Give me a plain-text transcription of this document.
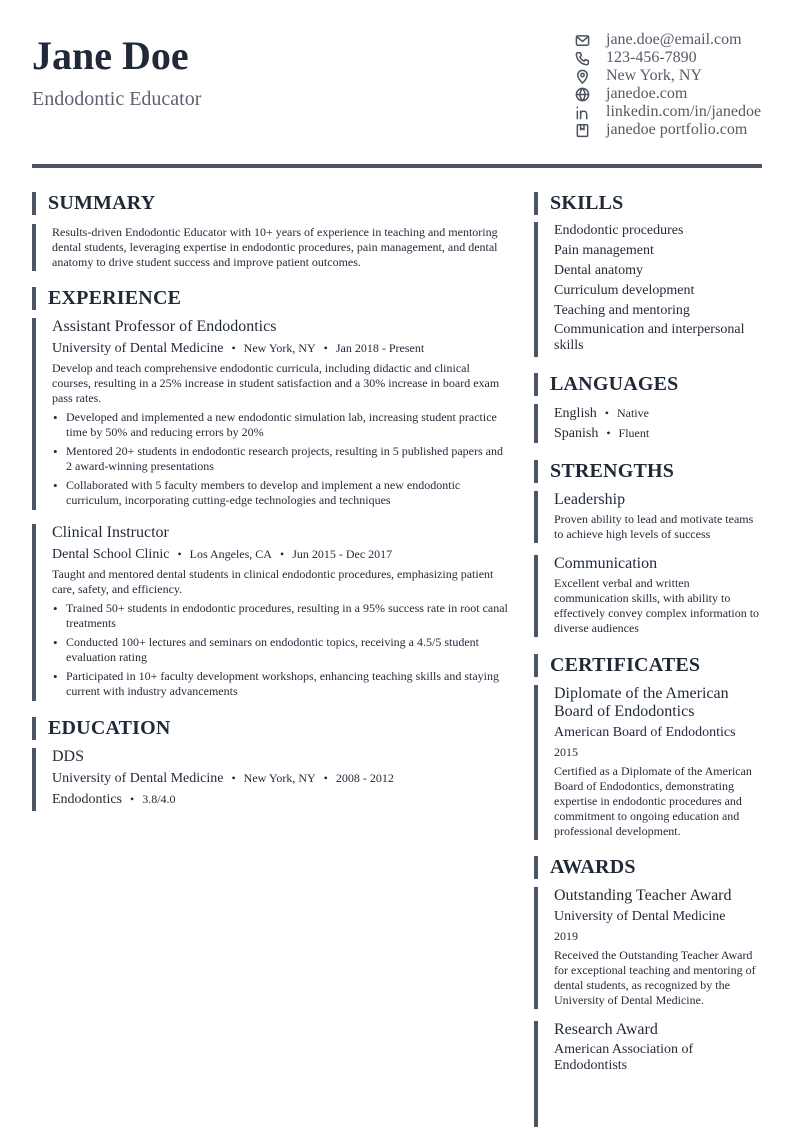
Jane Doe
Endodontic Educator
jane.doe@email.com
123-456-7890
New York, NY
janedoe.com
linkedin.com/in/janedoe
janedoe portfolio.com
SUMMARY
Results-driven Endodontic Educator with 10+ years of experience in teaching and mentoring dental students, leveraging expertise in endodontic procedures, pain management, and dental anatomy to drive student success and improve patient outcomes.
EXPERIENCE
Assistant Professor of Endodontics
University of Dental Medicine • New York, NY • Jan 2018 - Present
Develop and teach comprehensive endodontic curricula, including didactic and clinical courses, resulting in a 25% increase in student satisfaction and a 30% increase in board exam pass rates.
• Developed and implemented a new endodontic simulation lab, increasing student practice time by 50% and reducing errors by 20%
• Mentored 20+ students in endodontic research projects, resulting in 5 published papers and 2 award-winning presentations
• Collaborated with 5 faculty members to develop and implement a new endodontic curriculum, incorporating cutting-edge technologies and techniques
Clinical Instructor
Dental School Clinic • Los Angeles, CA • Jun 2015 - Dec 2017
Taught and mentored dental students in clinical endodontic procedures, emphasizing patient care, safety, and efficiency.
• Trained 50+ students in endodontic procedures, resulting in a 95% success rate in root canal treatments
• Conducted 100+ lectures and seminars on endodontic topics, receiving a 4.5/5 student evaluation rating
• Participated in 10+ faculty development workshops, enhancing teaching skills and staying current with industry advancements
EDUCATION
DDS
University of Dental Medicine • New York, NY • 2008 - 2012
Endodontics • 3.8/4.0
SKILLS
Endodontic procedures
Pain management
Dental anatomy
Curriculum development
Teaching and mentoring
Communication and interpersonal skills
LANGUAGES
English • Native
Spanish • Fluent
STRENGTHS
Leadership
Proven ability to lead and motivate teams to achieve high levels of success
Communication
Excellent verbal and written communication skills, with ability to effectively convey complex information to diverse audiences
CERTIFICATES
Diplomate of the American Board of Endodontics
American Board of Endodontics
2015
Certified as a Diplomate of the American Board of Endodontics, demonstrating expertise in endodontic procedures and commitment to ongoing education and professional development.
AWARDS
Outstanding Teacher Award
University of Dental Medicine
2019
Received the Outstanding Teacher Award for exceptional teaching and mentoring of dental students, as recognized by the University of Dental Medicine.
Research Award
American Association of Endodontists
